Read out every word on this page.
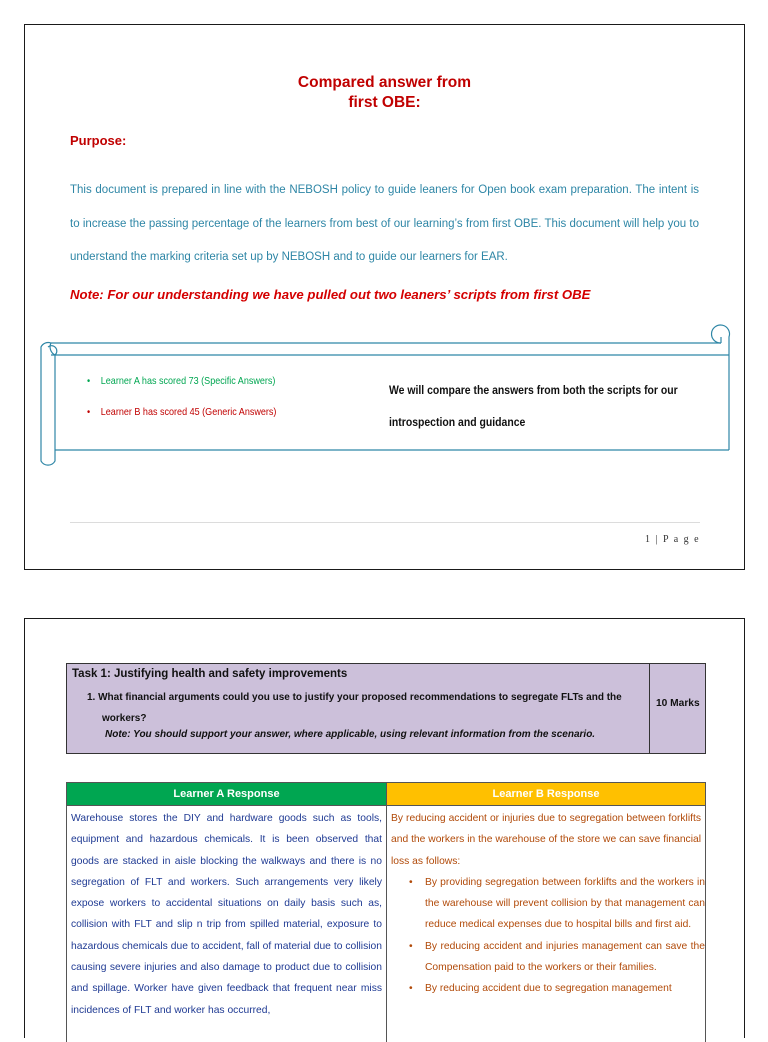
Compared answer from
first OBE:
Purpose:

This document is prepared in line with the NEBOSH policy to guide leaners for Open book exam preparation. The intent is to increase the passing percentage of the learners from best of our learning’s from first OBE. This document will help you to understand the marking criteria set up by NEBOSH and to guide our learners for EAR.

Note: For our understanding we have pulled out two leaners’ scripts from first OBE
• Learner A has scored 73 (Specific Answers)
• Learner B has scored 45 (Generic Answers)
We will compare the answers from both the scripts for our
introspection and guidance
1 | P a g e
Task 1: Justifying health and safety improvements

1. What financial arguments could you use to justify your proposed recommendations to segregate FLTs and the
workers?

Note: You should support your answer, where applicable, using relevant information from the scenario.
10 Marks
Learner A Response

Warehouse stores the DIY and hardware goods such as tools, equipment and hazardous chemicals. It is been observed that goods are stacked in aisle blocking the walkways and there is no segregation of FLT and workers. Such arrangements very likely expose workers to accidental situations on daily basis such as, collision with FLT and slip n trip from spilled material, exposure to hazardous chemicals due to accident, fall of material due to collision causing severe injuries and also damage to product due to collision and spillage. Worker have given feedback that frequent near miss incidences of FLT and worker has occurred,

Learner B Response

By reducing accident or injuries due to segregation between forklifts and the workers in the warehouse of the store we can save financial loss as follows:

• By providing segregation between forklifts and the workers in the warehouse will prevent collision by that management can reduce medical expenses due to hospital bills and first aid.
• By reducing accident and injuries management can save the Compensation paid to the workers or their families.
• By reducing accident due to segregation management
